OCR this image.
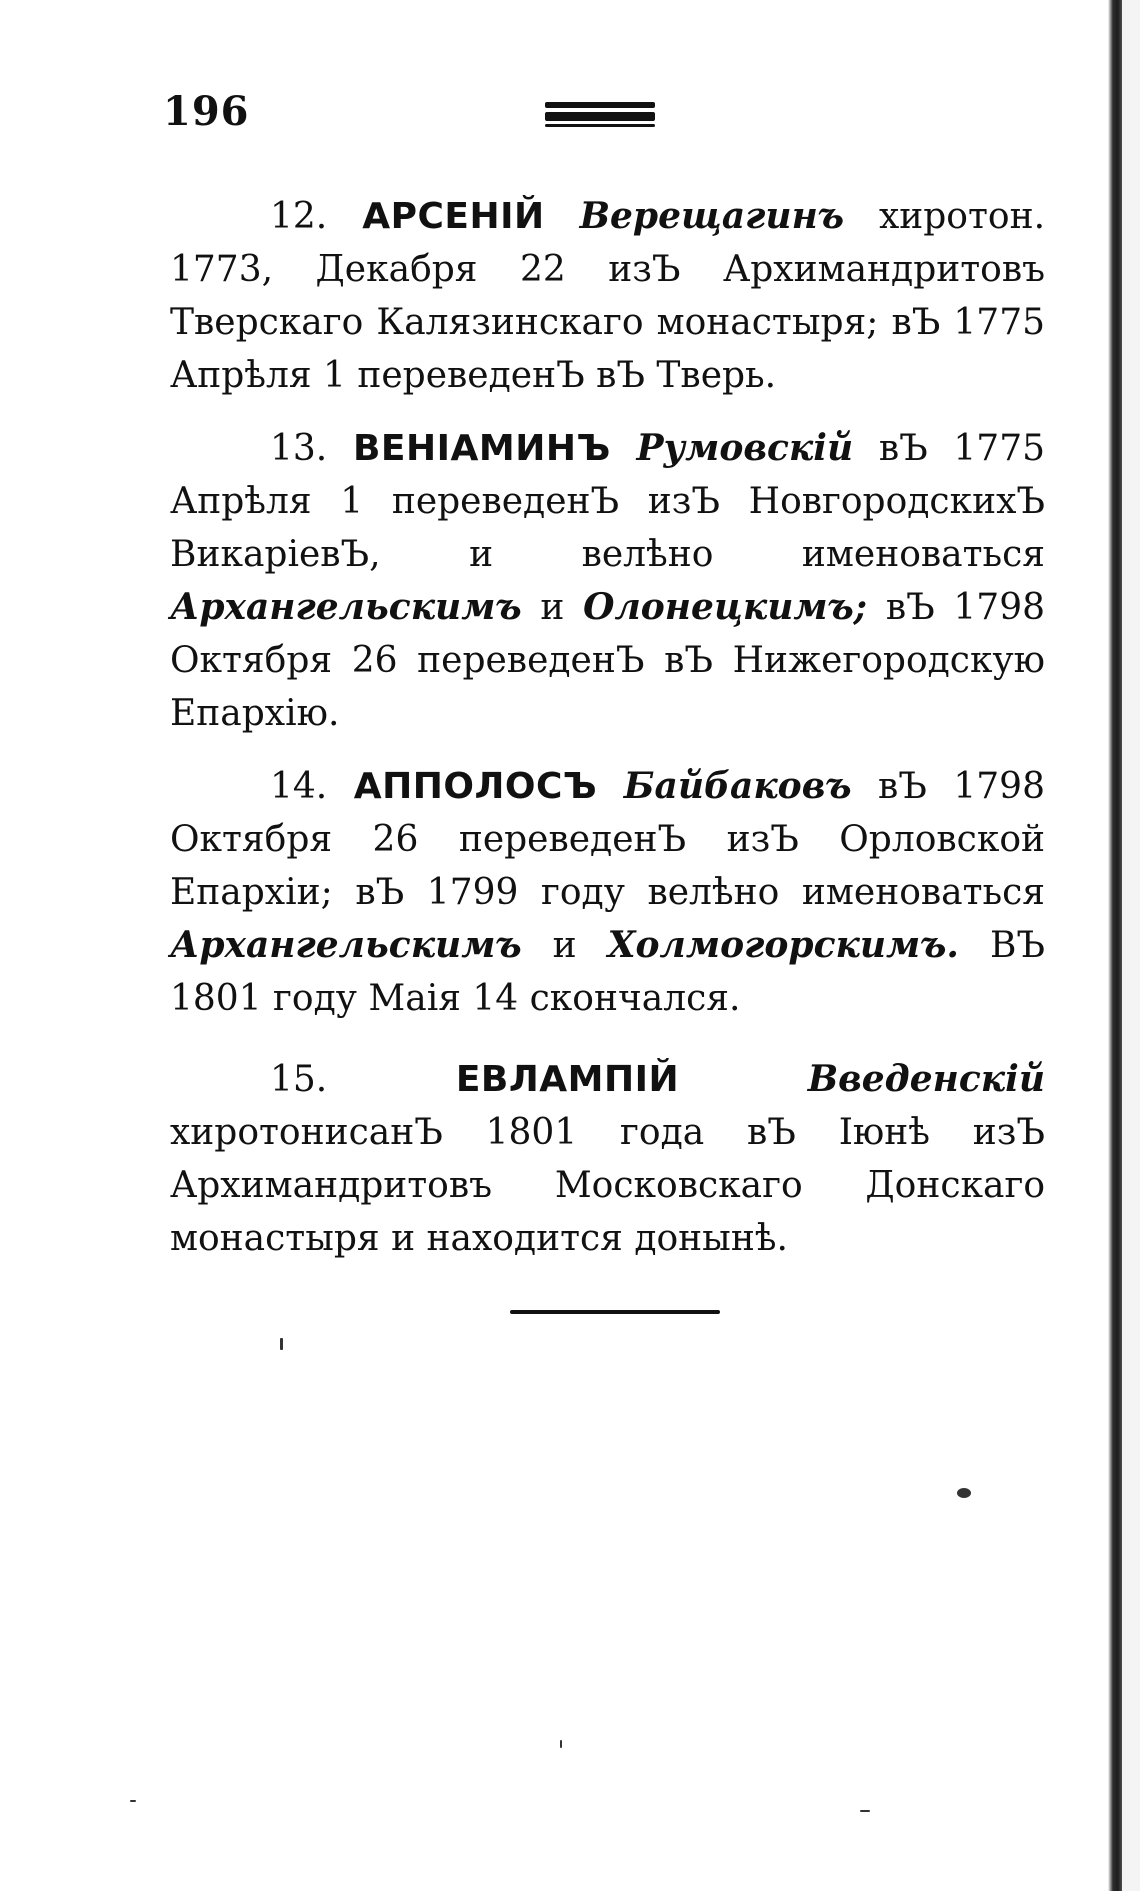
196

12. АРСЕНІЙ Верещагинъ хиротон. 1773, Декабря 22 изЪ Архимандритовъ Тверскаго Калязинскаго монастыря; вЪ 1775 Апрѣля 1 переведенЪ вЪ Тверь.

13. ВЕНІАМИНЪ Румовскій вЪ 1775 Апрѣля 1 переведенЪ изЪ НовгородскихЪ ВикаріевЪ, и велѣно именоваться Архангельскимъ и Олонецкимъ; вЪ 1798 Октября 26 переведенЪ вЪ Нижегородскую Епархію.

14. АППОЛОСЪ Байбаковъ вЪ 1798 Октября 26 переведенЪ изЪ Орловской Епархіи; вЪ 1799 году велѣно именоваться Архангельскимъ и Холмогорскимъ. ВЪ 1801 году Маія 14 скончался.

15.	ЕВЛАМПІЙ	Введенскій хиротонисанЪ 1801 года вЪ Іюнѣ изЪ Архимандритовъ Московскаго Донскаго монастыря и находится донынѣ.
